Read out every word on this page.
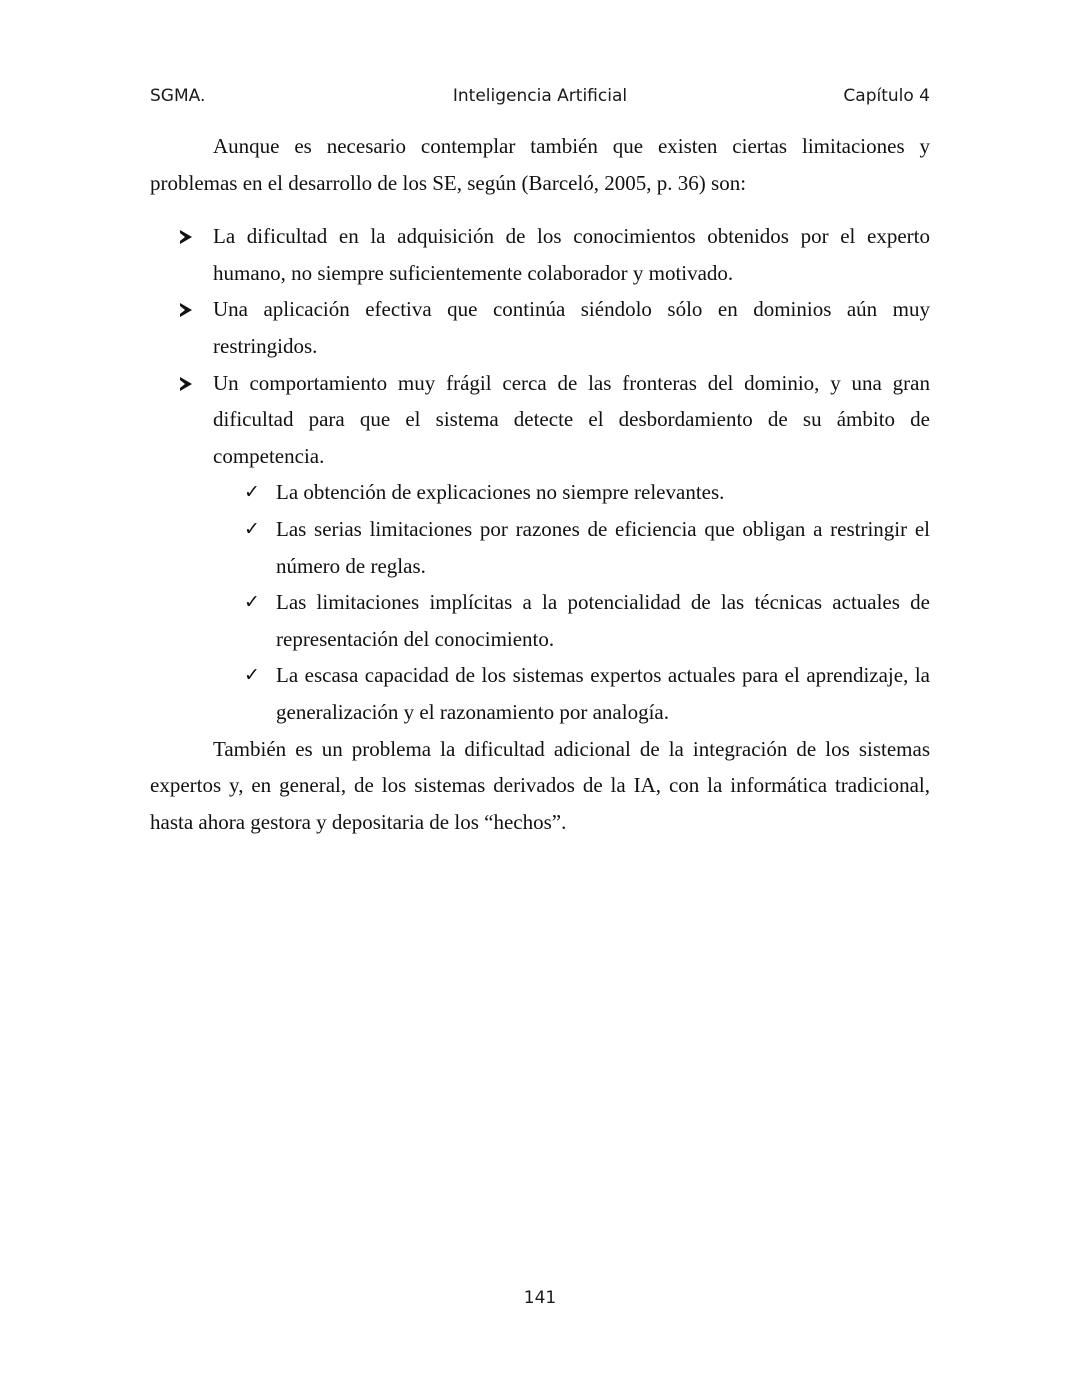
SGMA.	Inteligencia Artificial	Capítulo 4

Aunque es necesario contemplar también que existen ciertas limitaciones y problemas en el desarrollo de los SE, según (Barceló, 2005, p. 36) son:

La dificultad en la adquisición de los conocimientos obtenidos por el experto humano, no siempre suficientemente colaborador y motivado.
Una aplicación efectiva que continúa siéndolo sólo en dominios aún muy restringidos.
Un comportamiento muy frágil cerca de las fronteras del dominio, y una gran dificultad para que el sistema detecte el desbordamiento de su ámbito de competencia.
✓ La obtención de explicaciones no siempre relevantes.
✓ Las serias limitaciones por razones de eficiencia que obligan a restringir el número de reglas.
✓ Las limitaciones implícitas a la potencialidad de las técnicas actuales de representación del conocimiento.
✓ La escasa capacidad de los sistemas expertos actuales para el aprendizaje, la generalización y el razonamiento por analogía.

También es un problema la dificultad adicional de la integración de los sistemas expertos y, en general, de los sistemas derivados de la IA, con la informática tradicional, hasta ahora gestora y depositaria de los “hechos”.

141
